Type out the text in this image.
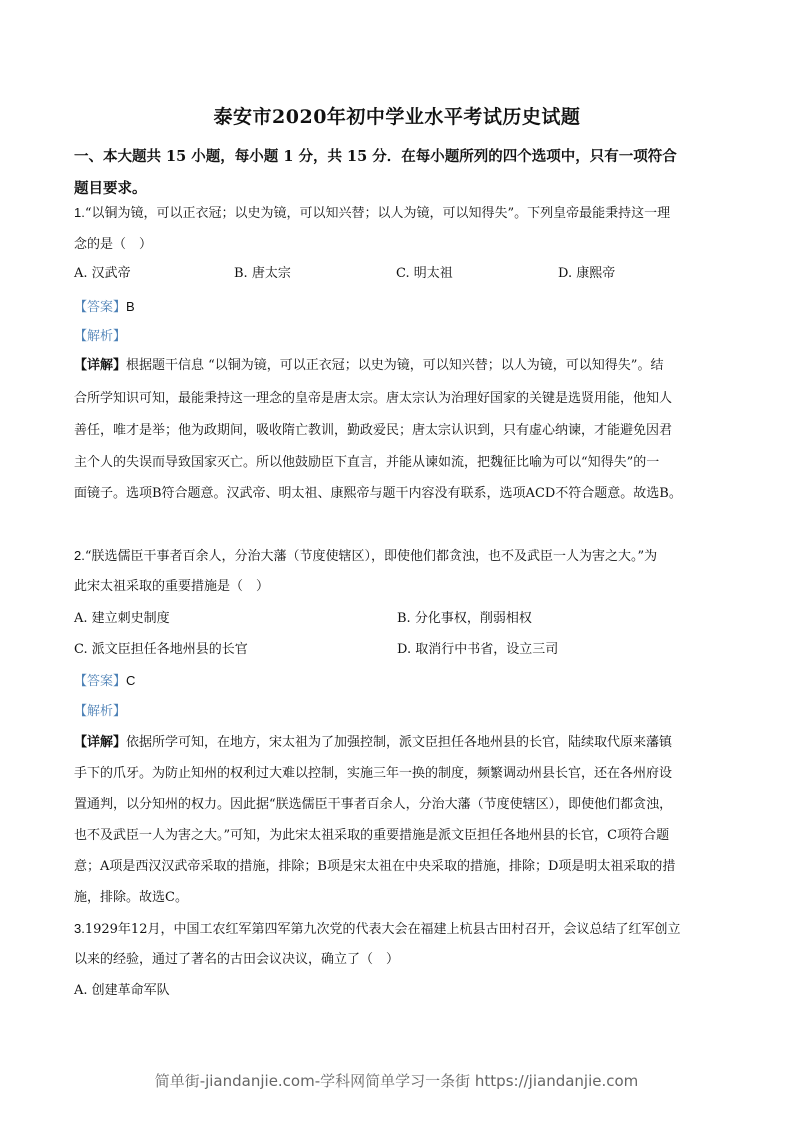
泰安市2020年初中学业水平考试历史试题
一、本大题共 15 小题，每小题 1 分，共 15 分．在每小题所列的四个选项中，只有一项符合
题目要求。
1.“以铜为镜，可以正衣冠；以史为镜，可以知兴替；以人为镜，可以知得失”。下列皇帝最能秉持这一理
念的是（　）
A. 汉武帝	B. 唐太宗	C. 明太祖	D. 康熙帝
【答案】B
【解析】
【详解】根据题干信息 “以铜为镜，可以正衣冠；以史为镜，可以知兴替；以人为镜，可以知得失”。结
合所学知识可知，最能秉持这一理念的皇帝是唐太宗。唐太宗认为治理好国家的关键是选贤用能，他知人
善任，唯才是举；他为政期间，吸收隋亡教训，勤政爱民；唐太宗认识到，只有虚心纳谏，才能避免因君
主个人的失误而导致国家灭亡。所以他鼓励臣下直言，并能从谏如流，把魏征比喻为可以“知得失”的一
面镜子。选项B符合题意。汉武帝、明太祖、康熙帝与题干内容没有联系，选项ACD不符合题意。故选B。
2.“朕选儒臣干事者百余人，分治大藩（节度使辖区），即使他们都贪浊，也不及武臣一人为害之大。”为
此宋太祖采取的重要措施是（　）
A. 建立刺史制度	B. 分化事权，削弱相权
C. 派文臣担任各地州县的长官	D. 取消行中书省，设立三司
【答案】C
【解析】
【详解】依据所学可知，在地方，宋太祖为了加强控制，派文臣担任各地州县的长官，陆续取代原来藩镇
手下的爪牙。为防止知州的权利过大难以控制，实施三年一换的制度，频繁调动州县长官，还在各州府设
置通判，以分知州的权力。因此据“朕选儒臣干事者百余人，分治大藩（节度使辖区），即使他们都贪浊，
也不及武臣一人为害之大。”可知，为此宋太祖采取的重要措施是派文臣担任各地州县的长官，C项符合题
意；A项是西汉汉武帝采取的措施，排除；B项是宋太祖在中央采取的措施，排除；D项是明太祖采取的措
施，排除。故选C。
3.1929年12月，中国工农红军第四军第九次党的代表大会在福建上杭县古田村召开，会议总结了红军创立
以来的经验，通过了著名的古田会议决议，确立了（　）
A. 创建革命军队
简单街-jiandanjie.com-学科网简单学习一条街 https://jiandanjie.com
